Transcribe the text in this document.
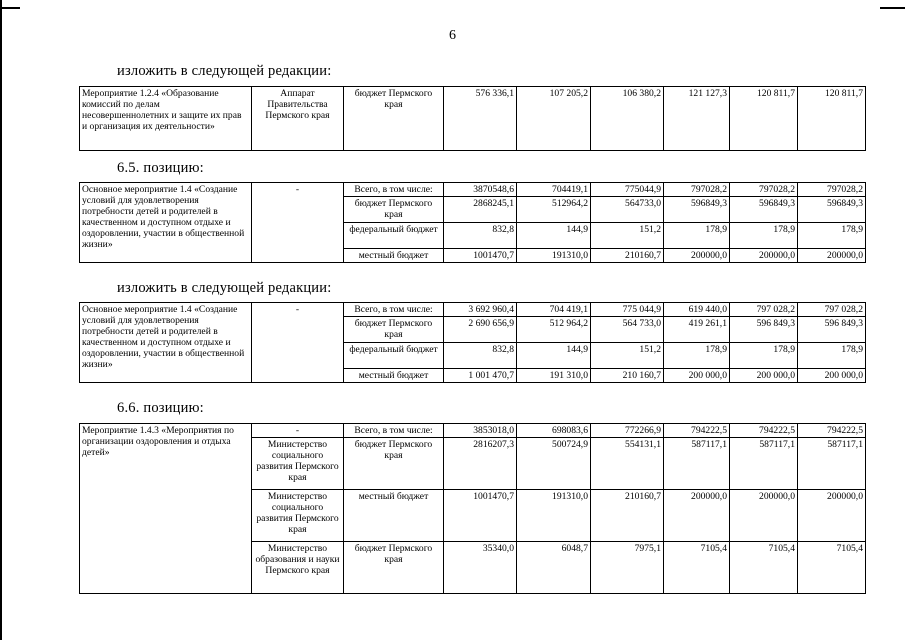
6
изложить в следующей редакции:
Мероприятие 1.2.4 «Образование комиссий по делам несовершеннолетних и защите их прав и организация их деятельности»	Аппарат Правительства Пермского края	бюджет Пермского края	576 336,1	107 205,2	106 380,2	121 127,3	120 811,7	120 811,7
6.5. позицию:
Основное мероприятие 1.4 «Создание условий для удовлетворения потребности детей и родителей в качественном и доступном отдыхе и оздоровлении, участии в общественной жизни»	-	Всего, в том числе:	3870548,6	704419,1	775044,9	797028,2	797028,2	797028,2
		бюджет Пермского края	2868245,1	512964,2	564733,0	596849,3	596849,3	596849,3
		федеральный бюджет	832,8	144,9	151,2	178,9	178,9	178,9
		местный бюджет	1001470,7	191310,0	210160,7	200000,0	200000,0	200000,0
изложить в следующей редакции:
Основное мероприятие 1.4 «Создание условий для удовлетворения потребности детей и родителей в качественном и доступном отдыхе и оздоровлении, участии в общественной жизни»	-	Всего, в том числе:	3 692 960,4	704 419,1	775 044,9	619 440,0	797 028,2	797 028,2
		бюджет Пермского края	2 690 656,9	512 964,2	564 733,0	419 261,1	596 849,3	596 849,3
		федеральный бюджет	832,8	144,9	151,2	178,9	178,9	178,9
		местный бюджет	1 001 470,7	191 310,0	210 160,7	200 000,0	200 000,0	200 000,0
6.6. позицию:
Мероприятие 1.4.3 «Мероприятия по организации оздоровления и отдыха детей»	-	Всего, в том числе:	3853018,0	698083,6	772266,9	794222,5	794222,5	794222,5
	Министерство социального развития Пермского края	бюджет Пермского края	2816207,3	500724,9	554131,1	587117,1	587117,1	587117,1
	Министерство социального развития Пермского края	местный бюджет	1001470,7	191310,0	210160,7	200000,0	200000,0	200000,0
	Министерство образования и науки Пермского края	бюджет Пермского края	35340,0	6048,7	7975,1	7105,4	7105,4	7105,4
